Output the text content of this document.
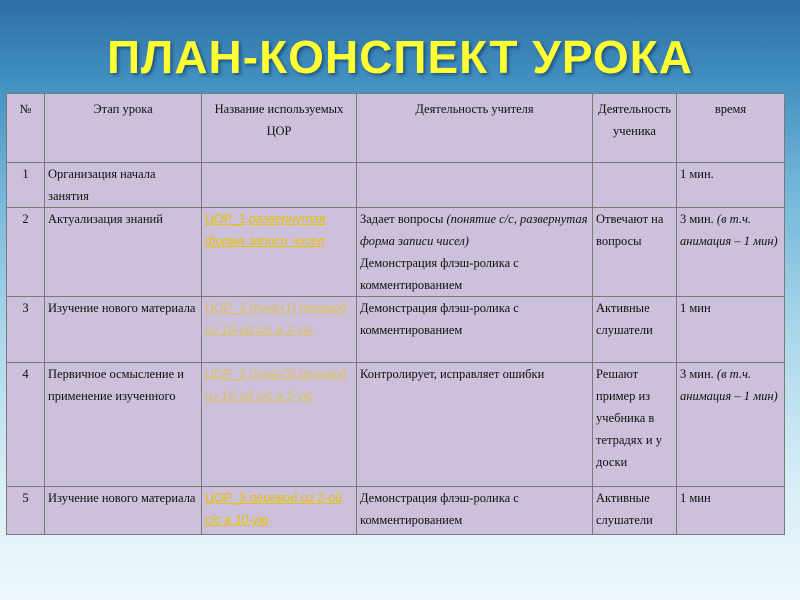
ПЛАН-КОНСПЕКТ УРОКА
№	Этап урока	Название используемых ЦОР	Деятельность учителя	Деятельность ученика	время
1	Организация начала занятия				1 мин.
2	Актуализация знаний	ЦОР_1 развернутая форма записи чисел	Задает вопросы (понятие с/с, развернутая форма записи чисел)
Демонстрация флэш-ролика с комментированием	Отвечают на вопросы	3 мин. (в т.ч. анимация – 1 мин)
3	Изучение нового материала	ЦОР_2 (пункт1) перевод из 10-ой с/с в 2-ую	Демонстрация флэш-ролика с комментированием	Активные слушатели	1 мин
4	Первичное осмысление и применение изученного	ЦОР_2 (пункт3) перевод из 10-ой с/с в 2-ую	Контролирует, исправляет ошибки	Решают пример из учебника в тетрадях и у доски	3 мин. (в т.ч. анимация – 1 мин)
5	Изучение нового материала	ЦОР_3 перевод из 2-ой с/с в 10-ую	Демонстрация флэш-ролика с комментированием	Активные слушатели	1 мин
